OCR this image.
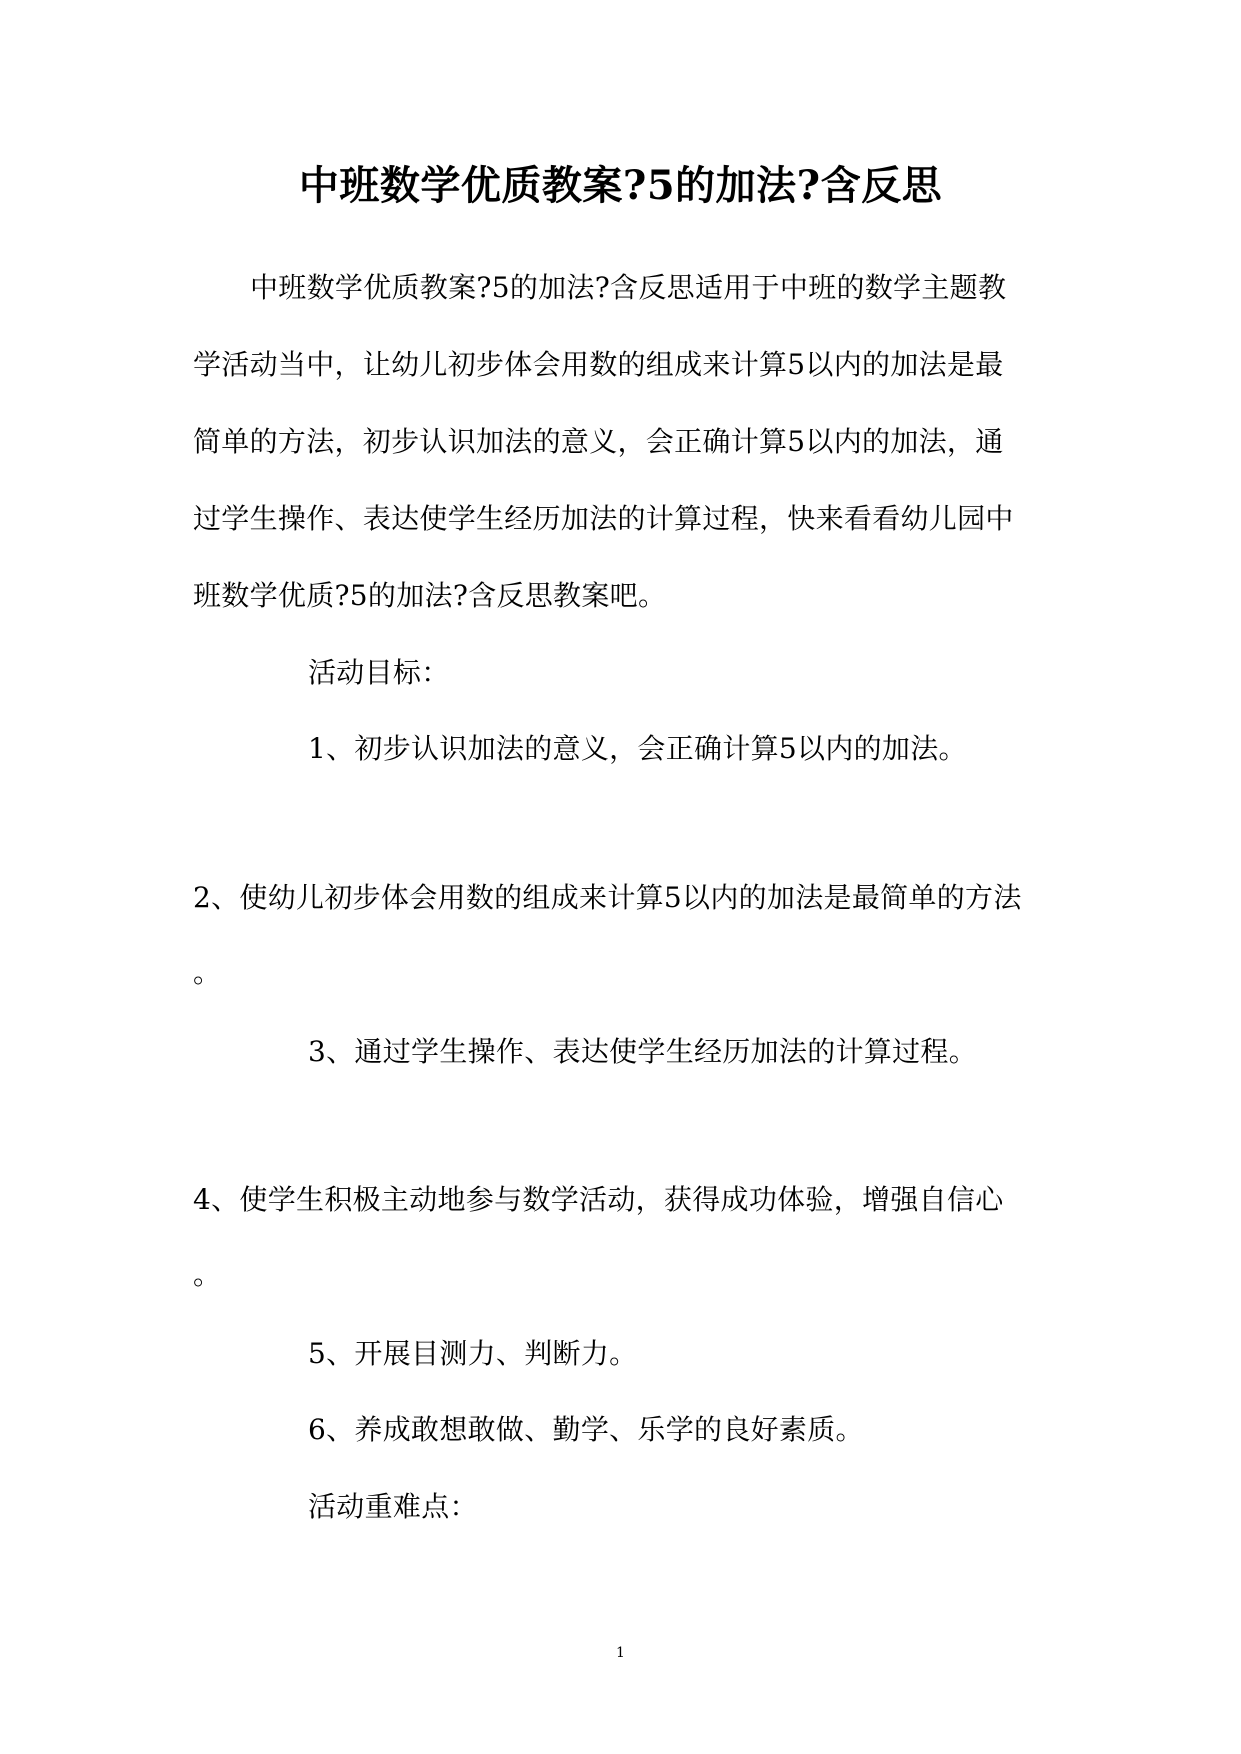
中班数学优质教案?5的加法?含反思
中班数学优质教案?5的加法?含反思适用于中班的数学主题教
学活动当中，让幼儿初步体会用数的组成来计算5以内的加法是最
简单的方法，初步认识加法的意义，会正确计算5以内的加法，通
过学生操作、表达使学生经历加法的计算过程，快来看看幼儿园中
班数学优质?5的加法?含反思教案吧。
活动目标：
1、初步认识加法的意义，会正确计算5以内的加法。
2、使幼儿初步体会用数的组成来计算5以内的加法是最简单的方法
。
3、通过学生操作、表达使学生经历加法的计算过程。
4、使学生积极主动地参与数学活动，获得成功体验，增强自信心
。
5、开展目测力、判断力。
6、养成敢想敢做、勤学、乐学的良好素质。
活动重难点：
1
